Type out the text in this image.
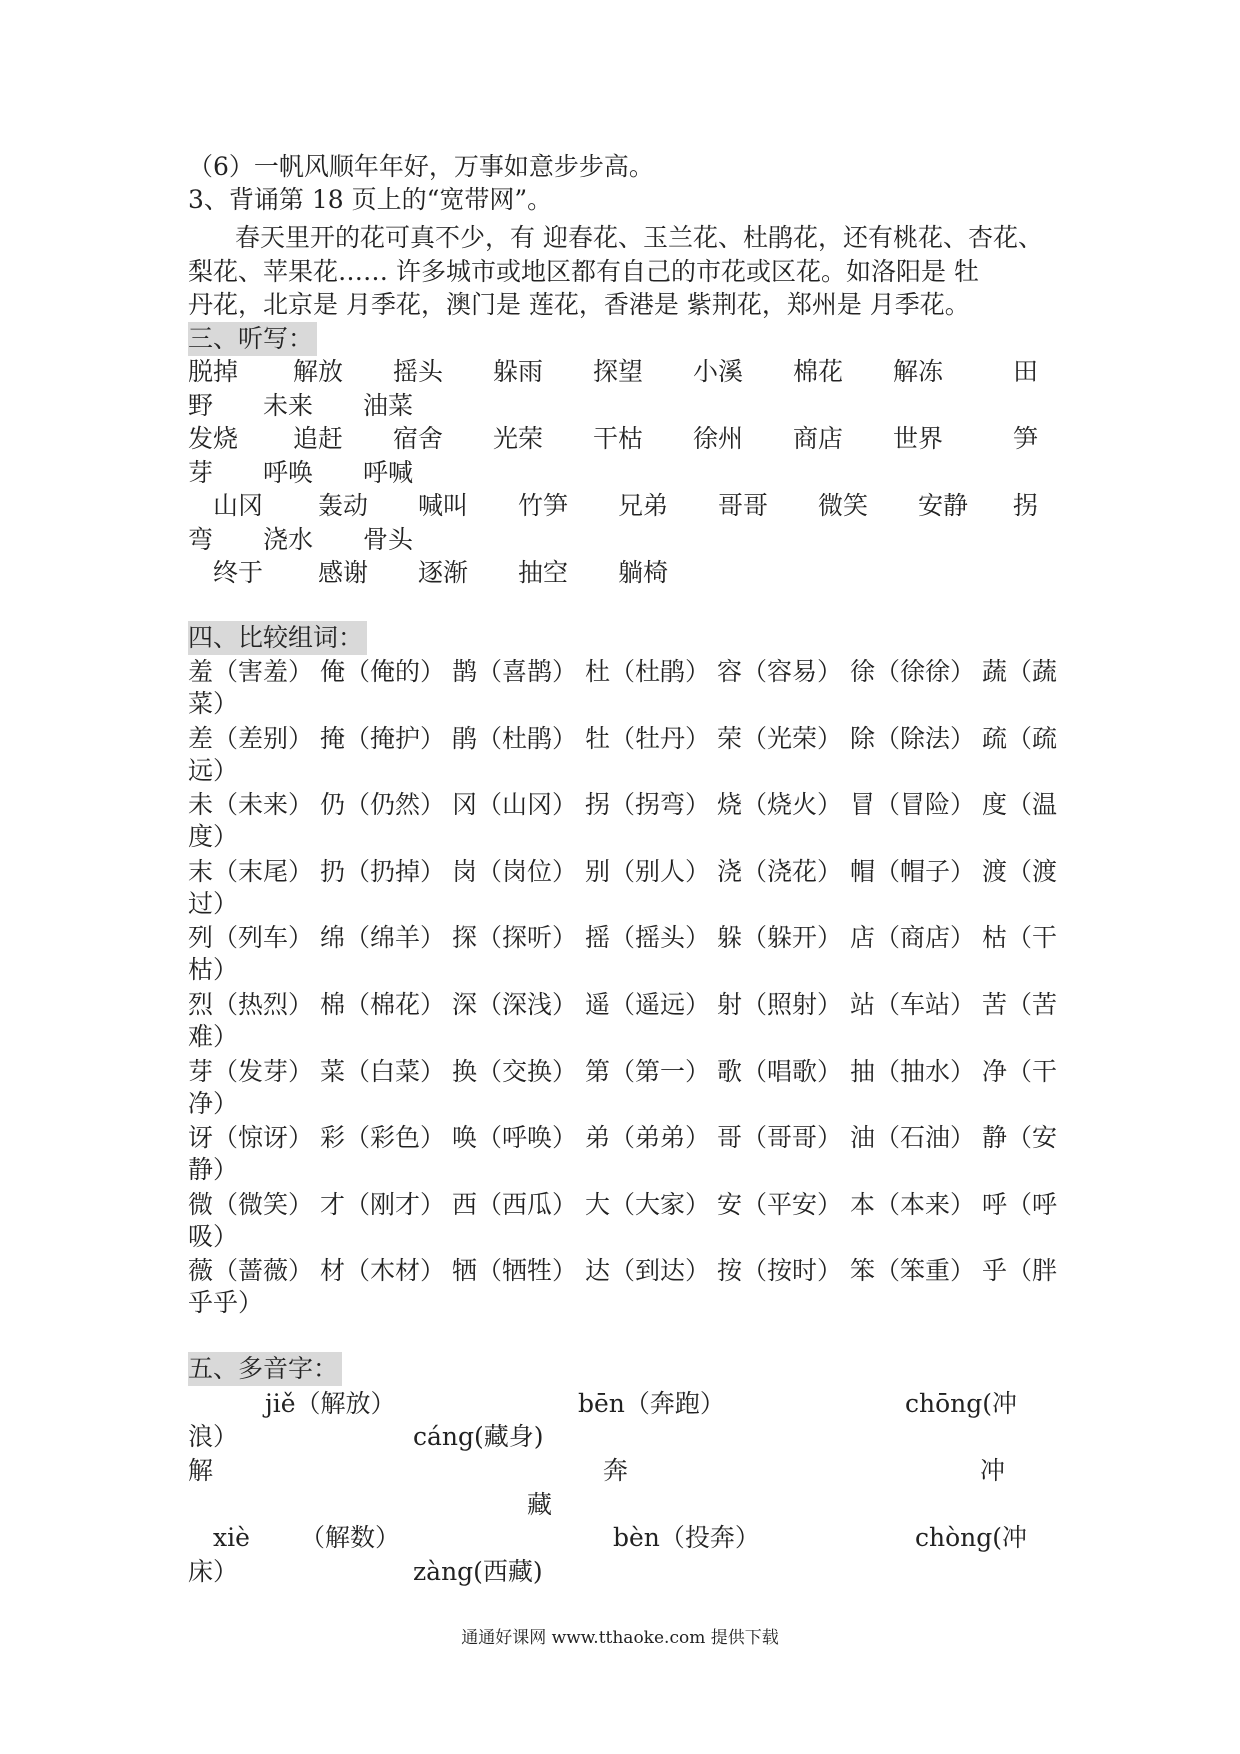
（6）一帆风顺年年好，万事如意步步高。
3、背诵第 18 页上的“宽带网”。
春天里开的花可真不少，有 迎春花、玉兰花、杜鹃花，还有桃花、杏花、
梨花、苹果花…… 许多城市或地区都有自己的市花或区花。如洛阳是 牡
丹花，北京是 月季花，澳门是 莲花，香港是 紫荆花，郑州是 月季花。
三、听写：
脱掉 解放 摇头 躲雨 探望 小溪 棉花 解冻	田
野 未来 油菜
发烧 追赶 宿舍 光荣 干枯 徐州 商店 世界	笋
芽 呼唤 呼喊
山冈 轰动 喊叫 竹笋 兄弟 哥哥 微笑 安静 拐
弯 浇水 骨头
终于 感谢 逐渐 抽空 躺椅
四、比较组词：
羞（害羞） 俺（俺的） 鹊（喜鹊） 杜（杜鹃） 容（容易） 徐（徐徐） 蔬（蔬
菜）
差（差别） 掩（掩护） 鹃（杜鹃） 牡（牡丹） 荣（光荣） 除（除法） 疏（疏
远）
未（未来） 仍（仍然） 冈（山冈） 拐（拐弯） 烧（烧火） 冒（冒险） 度（温
度）
末（末尾） 扔（扔掉） 岗（岗位） 别（别人） 浇（浇花） 帽（帽子） 渡（渡
过）
列（列车） 绵（绵羊） 探（探听） 摇（摇头） 躲（躲开） 店（商店） 枯（干
枯）
烈（热烈） 棉（棉花） 深（深浅） 遥（遥远） 射（照射） 站（车站） 苦（苦
难）
芽（发芽） 菜（白菜） 换（交换） 第（第一） 歌（唱歌） 抽（抽水） 净（干
净）
讶（惊讶） 彩（彩色） 唤（呼唤） 弟（弟弟） 哥（哥哥） 油（石油） 静（安
静）
微（微笑） 才（刚才） 西（西瓜） 大（大家） 安（平安） 本（本来） 呼（呼
吸）
薇（蔷薇） 材（木材） 牺（牺牲） 达（到达） 按（按时） 笨（笨重） 乎（胖
乎乎）
五、多音字：
jiě（解放）	bēn（奔跑）	chōng(冲
浪）	cáng(藏身)
解	奔	冲
藏
xiè （解数）	bèn（投奔）	chòng(冲
床）	zàng(西藏)
通通好课网 www.tthaoke.com 提供下载
